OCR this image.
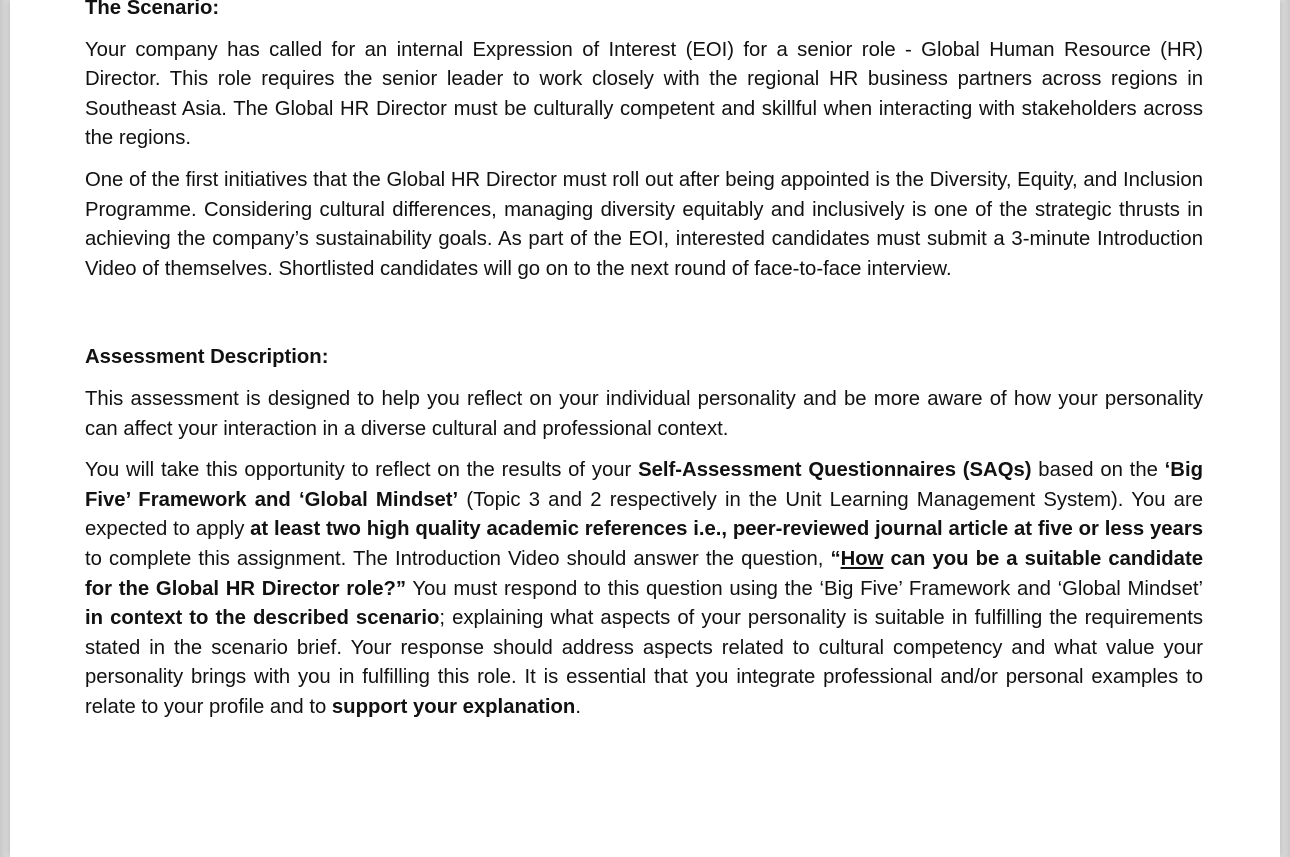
The Scenario:

Your company has called for an internal Expression of Interest (EOI) for a senior role - Global Human Resource (HR) Director. This role requires the senior leader to work closely with the regional HR business partners across regions in Southeast Asia. The Global HR Director must be culturally competent and skillful when interacting with stakeholders across the regions.

One of the first initiatives that the Global HR Director must roll out after being appointed is the Diversity, Equity, and Inclusion Programme. Considering cultural differences, managing diversity equitably and inclusively is one of the strategic thrusts in achieving the company’s sustainability goals. As part of the EOI, interested candidates must submit a 3-minute Introduction Video of themselves. Shortlisted candidates will go on to the next round of face-to-face interview.

Assessment Description:

This assessment is designed to help you reflect on your individual personality and be more aware of how your personality can affect your interaction in a diverse cultural and professional context.

You will take this opportunity to reflect on the results of your Self-Assessment Questionnaires (SAQs) based on the ‘Big Five’ Framework and ‘Global Mindset’ (Topic 3 and 2 respectively in the Unit Learning Management System). You are expected to apply at least two high quality academic references i.e., peer-reviewed journal article at five or less years to complete this assignment. The Introduction Video should answer the question, “How can you be a suitable candidate for the Global HR Director role?” You must respond to this question using the ‘Big Five’ Framework and ‘Global Mindset’ in context to the described scenario; explaining what aspects of your personality is suitable in fulfilling the requirements stated in the scenario brief. Your response should address aspects related to cultural competency and what value your personality brings with you in fulfilling this role. It is essential that you integrate professional and/or personal examples to relate to your profile and to support your explanation.
